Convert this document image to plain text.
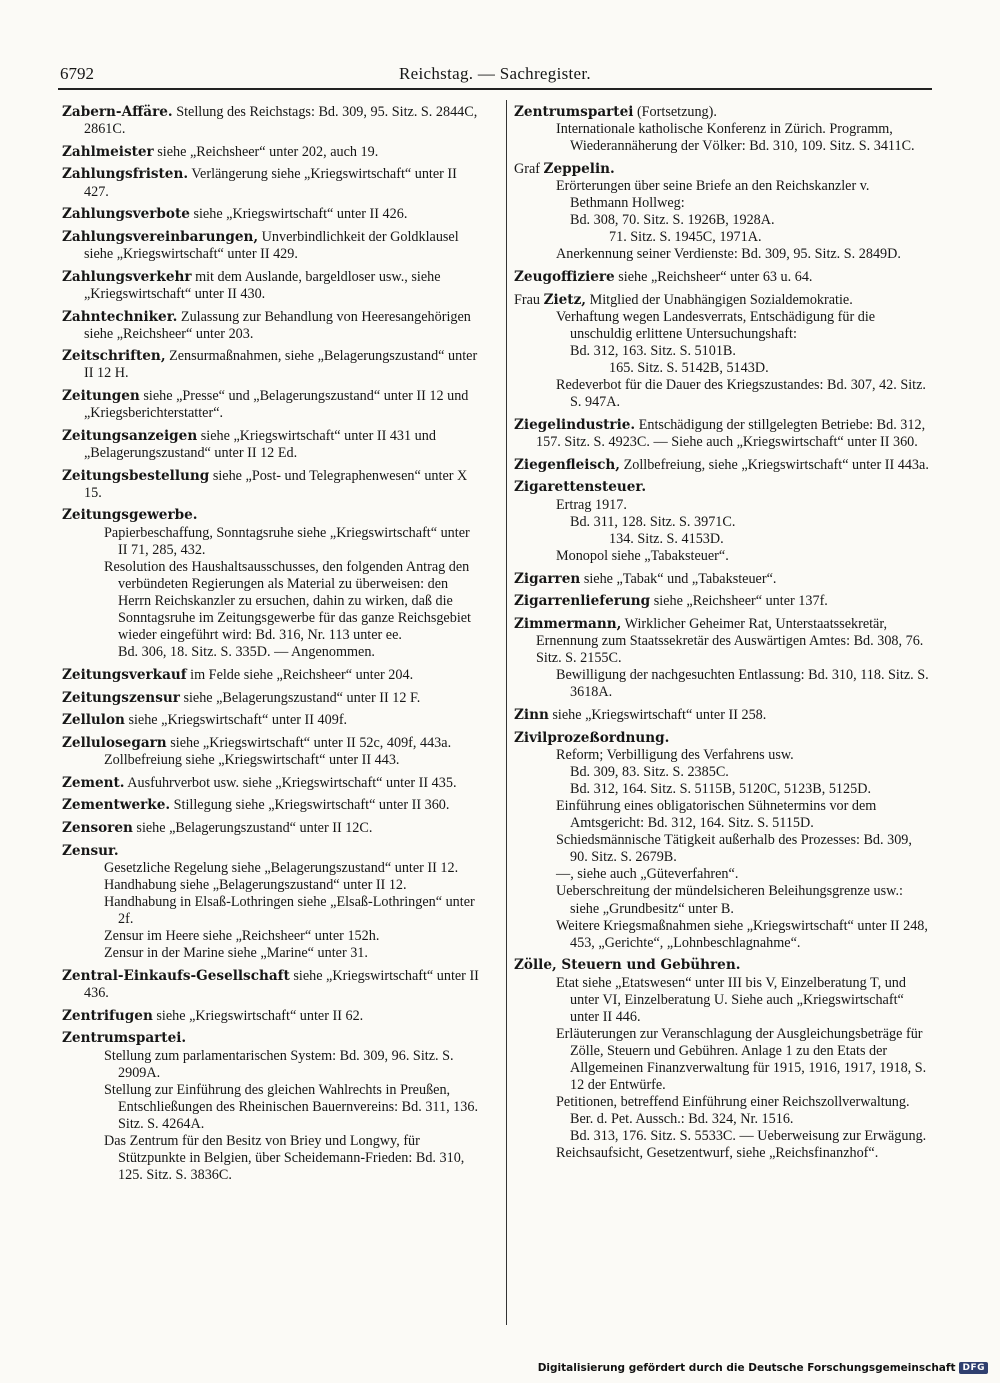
6792	Reichstag. — Sachregister.
Zabern-Affäre. Stellung des Reichstags: Bd. 309, 95. Sitz. S. 2844C, 2861C.
Zahlmeister siehe „Reichsheer“ unter 202, auch 19.
Zahlungsfristen. Verlängerung siehe „Kriegswirtschaft“ unter II 427.
Zahlungsverbote siehe „Kriegswirtschaft“ unter II 426.
Zahlungsvereinbarungen, Unverbindlichkeit der Goldklausel siehe „Kriegswirtschaft“ unter II 429.
Zahlungsverkehr mit dem Auslande, bargeldloser usw., siehe „Kriegswirtschaft“ unter II 430.
Zahntechniker. Zulassung zur Behandlung von Heeresangehörigen siehe „Reichsheer“ unter 203.
Zeitschriften, Zensurmaßnahmen, siehe „Belagerungszustand“ unter II 12 H.
Zeitungen siehe „Presse“ und „Belagerungszustand“ unter II 12 und „Kriegsberichterstatter“.
Zeitungsanzeigen siehe „Kriegswirtschaft“ unter II 431 und „Belagerungszustand“ unter II 12 Ed.
Zeitungsbestellung siehe „Post- und Telegraphenwesen“ unter X 15.
Zeitungsgewerbe.
Papierbeschaffung, Sonntagsruhe siehe „Kriegswirtschaft“ unter II 71, 285, 432.
Resolution des Haushaltsausschusses, den folgenden Antrag den verbündeten Regierungen als Material zu überweisen: den Herrn Reichskanzler zu ersuchen, dahin zu wirken, daß die Sonntagsruhe im Zeitungsgewerbe für das ganze Reichsgebiet wieder eingeführt wird: Bd. 316, Nr. 113 unter ee.
Bd. 306, 18. Sitz. S. 335D. — Angenommen.
Zeitungsverkauf im Felde siehe „Reichsheer“ unter 204.
Zeitungszensur siehe „Belagerungszustand“ unter II 12 F.
Zellulon siehe „Kriegswirtschaft“ unter II 409f.
Zellulosegarn siehe „Kriegswirtschaft“ unter II 52c, 409f, 443a.
Zollbefreiung siehe „Kriegswirtschaft“ unter II 443.
Zement. Ausfuhrverbot usw. siehe „Kriegswirtschaft“ unter II 435.
Zementwerke. Stillegung siehe „Kriegswirtschaft“ unter II 360.
Zensoren siehe „Belagerungszustand“ unter II 12C.
Zensur.
Gesetzliche Regelung siehe „Belagerungszustand“ unter II 12.
Handhabung siehe „Belagerungszustand“ unter II 12.
Handhabung in Elsaß-Lothringen siehe „Elsaß-Lothringen“ unter 2f.
Zensur im Heere siehe „Reichsheer“ unter 152h.
Zensur in der Marine siehe „Marine“ unter 31.
Zentral-Einkaufs-Gesellschaft siehe „Kriegswirtschaft“ unter II 436.
Zentrifugen siehe „Kriegswirtschaft“ unter II 62.
Zentrumspartei.
Stellung zum parlamentarischen System: Bd. 309, 96. Sitz. S. 2909A.
Stellung zur Einführung des gleichen Wahlrechts in Preußen, Entschließungen des Rheinischen Bauernvereins: Bd. 311, 136. Sitz. S. 4264A.
Das Zentrum für den Besitz von Briey und Longwy, für Stützpunkte in Belgien, über Scheidemann-Frieden: Bd. 310, 125. Sitz. S. 3836C.
Zentrumspartei (Fortsetzung).
Internationale katholische Konferenz in Zürich. Programm, Wiederannäherung der Völker: Bd. 310, 109. Sitz. S. 3411C.
Graf Zeppelin.
Erörterungen über seine Briefe an den Reichskanzler v. Bethmann Hollweg:
Bd. 308, 70. Sitz. S. 1926B, 1928A.
71. Sitz. S. 1945C, 1971A.
Anerkennung seiner Verdienste: Bd. 309, 95. Sitz. S. 2849D.
Zeugoffiziere siehe „Reichsheer“ unter 63 u. 64.
Frau Zietz, Mitglied der Unabhängigen Sozialdemokratie.
Verhaftung wegen Landesverrats, Entschädigung für die unschuldig erlittene Untersuchungshaft:
Bd. 312, 163. Sitz. S. 5101B.
165. Sitz. S. 5142B, 5143D.
Redeverbot für die Dauer des Kriegszustandes: Bd. 307, 42. Sitz. S. 947A.
Ziegelindustrie. Entschädigung der stillgelegten Betriebe: Bd. 312, 157. Sitz. S. 4923C. — Siehe auch „Kriegswirtschaft“ unter II 360.
Ziegenfleisch, Zollbefreiung, siehe „Kriegswirtschaft“ unter II 443a.
Zigarettensteuer.
Ertrag 1917.
Bd. 311, 128. Sitz. S. 3971C.
134. Sitz. S. 4153D.
Monopol siehe „Tabaksteuer“.
Zigarren siehe „Tabak“ und „Tabaksteuer“.
Zigarrenlieferung siehe „Reichsheer“ unter 137f.
Zimmermann, Wirklicher Geheimer Rat, Unterstaatssekretär, Ernennung zum Staatssekretär des Auswärtigen Amtes: Bd. 308, 76. Sitz. S. 2155C.
Bewilligung der nachgesuchten Entlassung: Bd. 310, 118. Sitz. S. 3618A.
Zinn siehe „Kriegswirtschaft“ unter II 258.
Zivilprozeßordnung.
Reform; Verbilligung des Verfahrens usw.
Bd. 309, 83. Sitz. S. 2385C.
Bd. 312, 164. Sitz. S. 5115B, 5120C, 5123B, 5125D.
Einführung eines obligatorischen Sühnetermins vor dem Amtsgericht: Bd. 312, 164. Sitz. S. 5115D.
Schiedsmännische Tätigkeit außerhalb des Prozesses: Bd. 309, 90. Sitz. S. 2679B.
—, siehe auch „Güteverfahren“.
Ueberschreitung der mündelsicheren Beleihungsgrenze usw.: siehe „Grundbesitz“ unter B.
Weitere Kriegsmaßnahmen siehe „Kriegswirtschaft“ unter II 248, 453, „Gerichte“, „Lohnbeschlagnahme“.
Zölle, Steuern und Gebühren.
Etat siehe „Etatswesen“ unter III bis V, Einzelberatung T, und unter VI, Einzelberatung U. Siehe auch „Kriegswirtschaft“ unter II 446.
Erläuterungen zur Veranschlagung der Ausgleichungsbeträge für Zölle, Steuern und Gebühren. Anlage 1 zu den Etats der Allgemeinen Finanzverwaltung für 1915, 1916, 1917, 1918, S. 12 der Entwürfe.
Petitionen, betreffend Einführung einer Reichszollverwaltung.
Ber. d. Pet. Aussch.: Bd. 324, Nr. 1516.
Bd. 313, 176. Sitz. S. 5533C. — Ueberweisung zur Erwägung.
Reichsaufsicht, Gesetzentwurf, siehe „Reichsfinanzhof“.
Digitalisierung gefördert durch die Deutsche Forschungsgemeinschaft DFG
